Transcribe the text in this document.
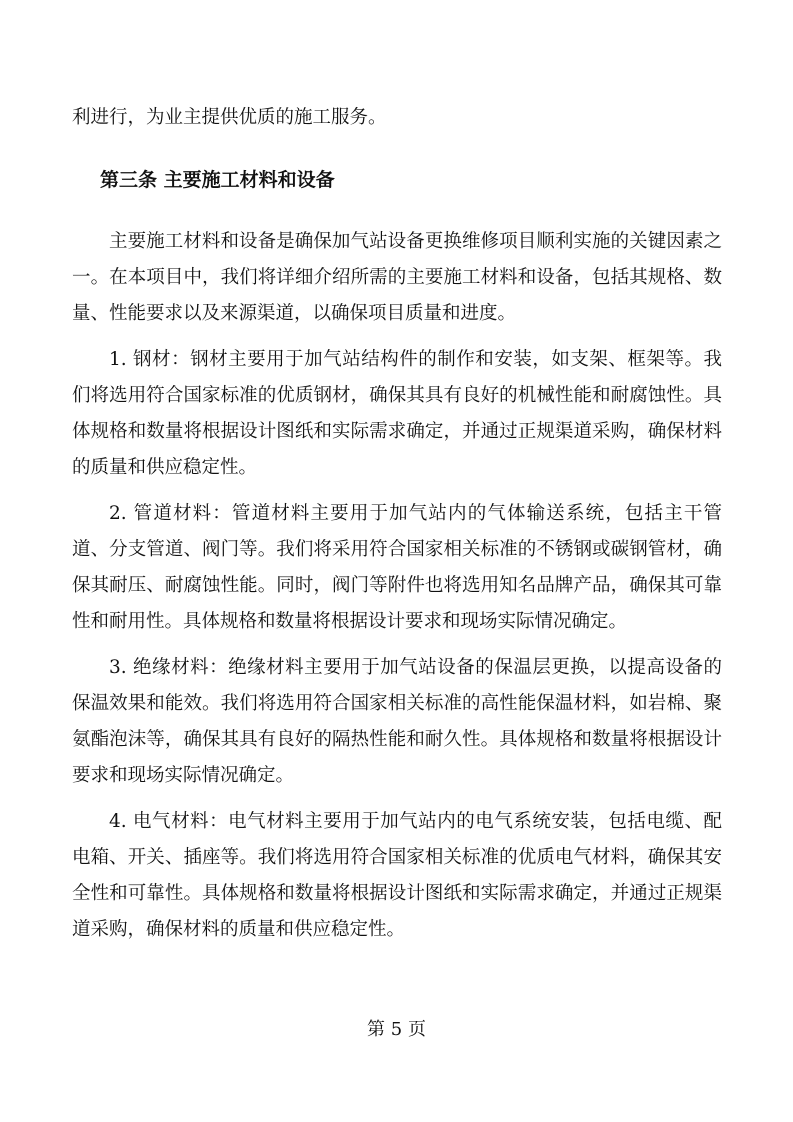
利进行，为业主提供优质的施工服务。

第三条 主要施工材料和设备

主要施工材料和设备是确保加气站设备更换维修项目顺利实施的关键因素之一。在本项目中，我们将详细介绍所需的主要施工材料和设备，包括其规格、数量、性能要求以及来源渠道，以确保项目质量和进度。

1. 钢材：钢材主要用于加气站结构件的制作和安装，如支架、框架等。我们将选用符合国家标准的优质钢材，确保其具有良好的机械性能和耐腐蚀性。具体规格和数量将根据设计图纸和实际需求确定，并通过正规渠道采购，确保材料的质量和供应稳定性。

2. 管道材料：管道材料主要用于加气站内的气体输送系统，包括主干管道、分支管道、阀门等。我们将采用符合国家相关标准的不锈钢或碳钢管材，确保其耐压、耐腐蚀性能。同时，阀门等附件也将选用知名品牌产品，确保其可靠性和耐用性。具体规格和数量将根据设计要求和现场实际情况确定。

3. 绝缘材料：绝缘材料主要用于加气站设备的保温层更换，以提高设备的保温效果和能效。我们将选用符合国家相关标准的高性能保温材料，如岩棉、聚氨酯泡沫等，确保其具有良好的隔热性能和耐久性。具体规格和数量将根据设计要求和现场实际情况确定。

4. 电气材料：电气材料主要用于加气站内的电气系统安装，包括电缆、配电箱、开关、插座等。我们将选用符合国家相关标准的优质电气材料，确保其安全性和可靠性。具体规格和数量将根据设计图纸和实际需求确定，并通过正规渠道采购，确保材料的质量和供应稳定性。

第 5 页
